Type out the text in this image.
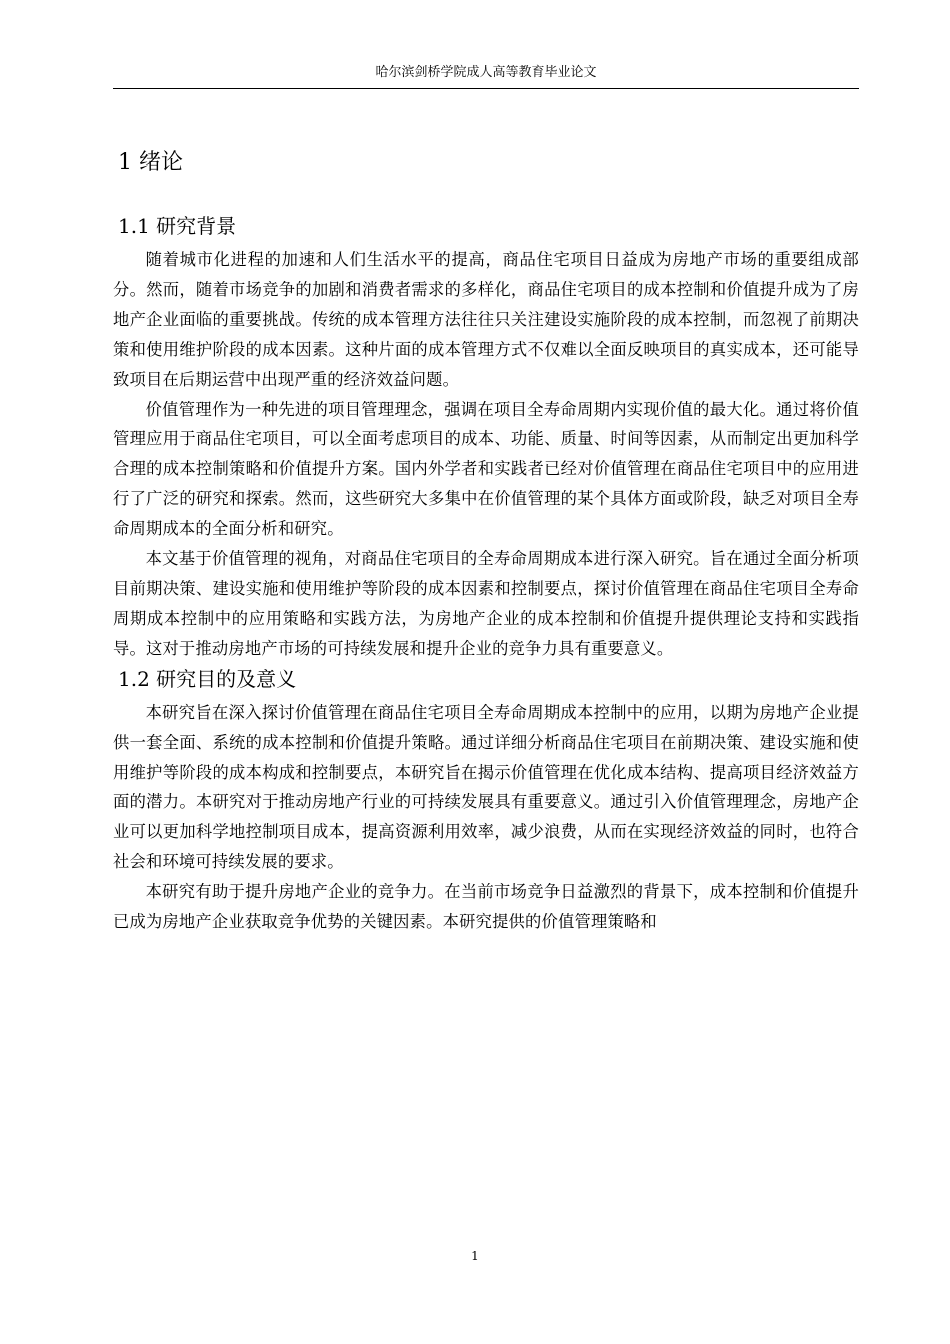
哈尔滨剑桥学院成人高等教育毕业论文
1 绪论
1.1 研究背景

随着城市化进程的加速和人们生活水平的提高，商品住宅项目日益成为房地产市场的重要组成部分。然而，随着市场竞争的加剧和消费者需求的多样化，商品住宅项目的成本控制和价值提升成为了房地产企业面临的重要挑战。传统的成本管理方法往往只关注建设实施阶段的成本控制，而忽视了前期决策和使用维护阶段的成本因素。这种片面的成本管理方式不仅难以全面反映项目的真实成本，还可能导致项目在后期运营中出现严重的经济效益问题。

价值管理作为一种先进的项目管理理念，强调在项目全寿命周期内实现价值的最大化。通过将价值管理应用于商品住宅项目，可以全面考虑项目的成本、功能、质量、时间等因素，从而制定出更加科学合理的成本控制策略和价值提升方案。国内外学者和实践者已经对价值管理在商品住宅项目中的应用进行了广泛的研究和探索。然而，这些研究大多集中在价值管理的某个具体方面或阶段，缺乏对项目全寿命周期成本的全面分析和研究。

本文基于价值管理的视角，对商品住宅项目的全寿命周期成本进行深入研究。旨在通过全面分析项目前期决策、建设实施和使用维护等阶段的成本因素和控制要点，探讨价值管理在商品住宅项目全寿命周期成本控制中的应用策略和实践方法，为房地产企业的成本控制和价值提升提供理论支持和实践指导。这对于推动房地产市场的可持续发展和提升企业的竞争力具有重要意义。

1.2 研究目的及意义

本研究旨在深入探讨价值管理在商品住宅项目全寿命周期成本控制中的应用，以期为房地产企业提供一套全面、系统的成本控制和价值提升策略。通过详细分析商品住宅项目在前期决策、建设实施和使用维护等阶段的成本构成和控制要点，本研究旨在揭示价值管理在优化成本结构、提高项目经济效益方面的潜力。本研究对于推动房地产行业的可持续发展具有重要意义。通过引入价值管理理念，房地产企业可以更加科学地控制项目成本，提高资源利用效率，减少浪费，从而在实现经济效益的同时，也符合社会和环境可持续发展的要求。

本研究有助于提升房地产企业的竞争力。在当前市场竞争日益激烈的背景下，成本控制和价值提升已成为房地产企业获取竞争优势的关键因素。本研究提供的价值管理策略和

1
